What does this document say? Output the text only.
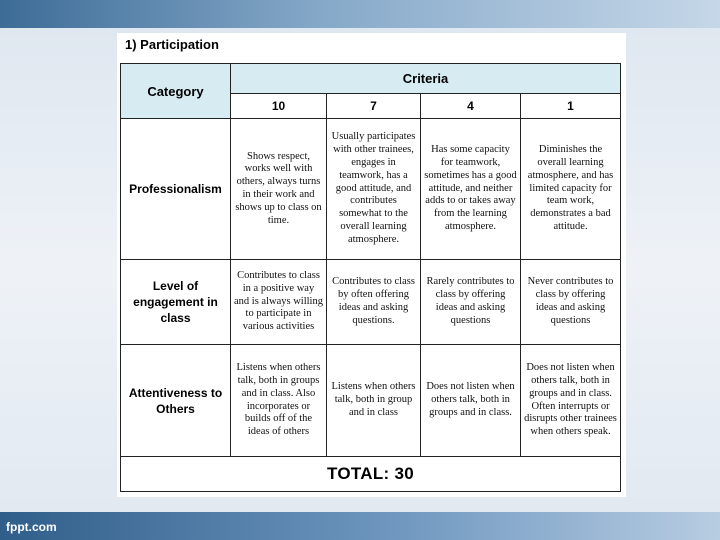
fppt.com
1) Participation
Category	Criteria			
	10	7	4	1
Professionalism	Shows respect, works well with others, always turns in their work and shows up to class on time.	Usually participates with other trainees, engages in teamwork, has a good attitude, and contributes somewhat to the overall learning atmosphere.	Has some capacity for teamwork, sometimes has a good attitude, and neither adds to or takes away from the learning atmosphere.	Diminishes the overall learning atmosphere, and has limited capacity for team work, demonstrates a bad attitude.
Level of engagement in class	Contributes to class in a positive way and is always willing to participate in various activities	Contributes to class by often offering ideas and asking questions.	Rarely contributes to class by offering ideas and asking questions	Never contributes to class by offering ideas and asking questions
Attentiveness to Others	Listens when others talk, both in groups and in class. Also incorporates or builds off of the ideas of others	Listens when others talk, both in group and in class	Does not listen when others talk, both in groups and in class.	Does not listen when others talk, both in groups and in class. Often interrupts or disrupts other trainees when others speak.
TOTAL: 30				
